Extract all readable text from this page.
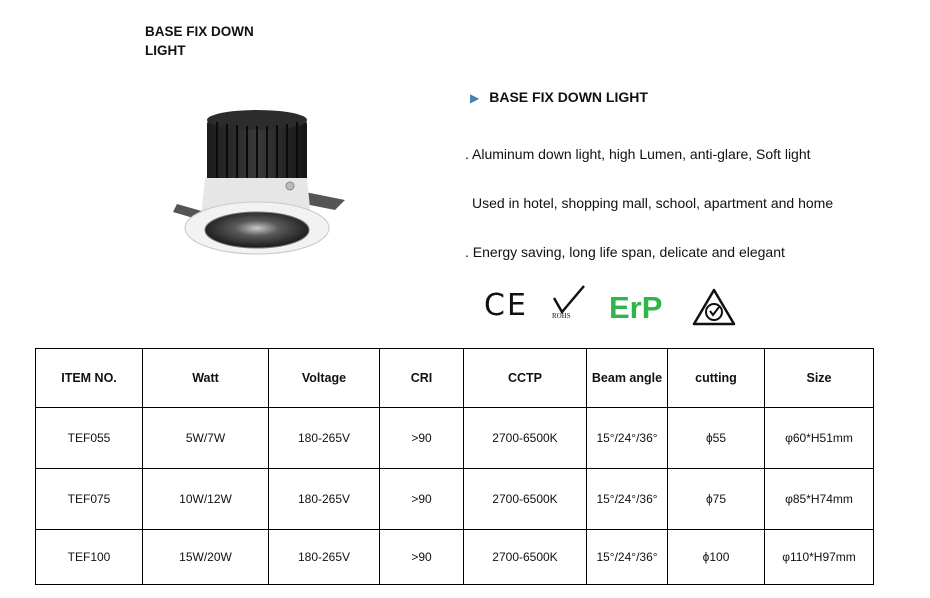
BASE FIX DOWN LIGHT
▶ BASE FIX DOWN LIGHT
. Aluminum down light, high Lumen, anti-glare, Soft light
Used in hotel, shopping mall, school, apartment and home
. Energy saving, long life span, delicate and elegant
CE	ROHS ErP
ITEM NO.	Watt	Voltage	CRI	CCTP	Beam angle	cutting	Size
TEF055	5W/7W	180-265V	>90	2700-6500K	15°/24°/36°	ϕ55	φ60*H51mm
TEF075	10W/12W	180-265V	>90	2700-6500K	15°/24°/36°	ϕ75	φ85*H74mm
TEF100	15W/20W	180-265V	>90	2700-6500K	15°/24°/36°	ϕ100	φ110*H97mm
